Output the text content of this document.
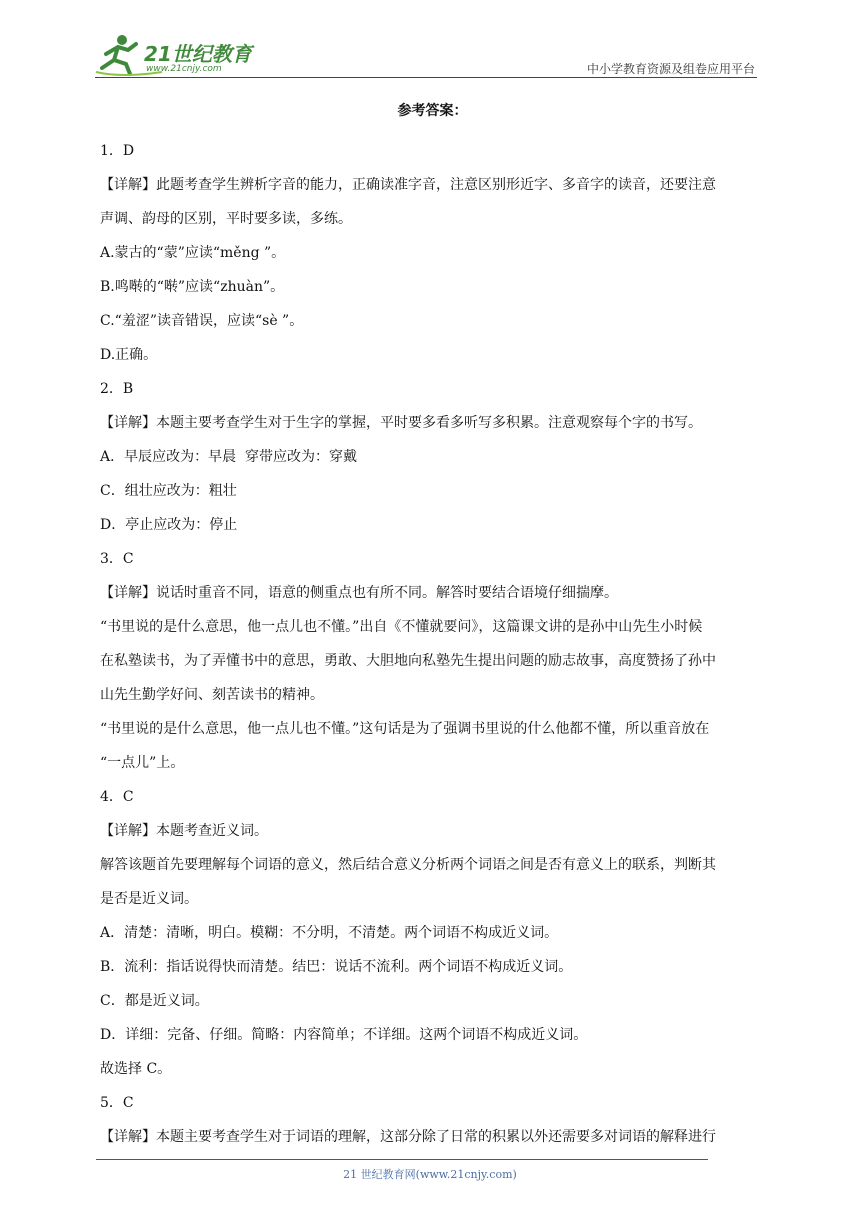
21世纪教育
www.21cnjy.com	中小学教育资源及组卷应用平台
参考答案：

1．D

【详解】此题考查学生辨析字音的能力，正确读准字音，注意区别形近字、多音字的读音，还要注意

声调、韵母的区别，平时要多读，多练。

A.蒙古的“蒙”应读“měng ”。

B.鸣啭的“啭”应读“zhuàn”。

C.“羞涩”读音错误，应读“sè ”。

D.正确。

2．B

【详解】本题主要考查学生对于生字的掌握，平时要多看多听写多积累。注意观察每个字的书写。

A．早辰应改为：早晨  穿带应改为：穿戴

C．组壮应改为：粗壮

D．亭止应改为：停止

3．C

【详解】说话时重音不同，语意的侧重点也有所不同。解答时要结合语境仔细揣摩。

“书里说的是什么意思，他一点儿也不懂。”出自《不懂就要问》，这篇课文讲的是孙中山先生小时候

在私塾读书，为了弄懂书中的意思，勇敢、大胆地向私塾先生提出问题的励志故事，高度赞扬了孙中

山先生勤学好问、刻苦读书的精神。

“书里说的是什么意思，他一点儿也不懂。”这句话是为了强调书里说的什么他都不懂，所以重音放在

“一点儿”上。

4．C

【详解】本题考查近义词。

解答该题首先要理解每个词语的意义，然后结合意义分析两个词语之间是否有意义上的联系，判断其

是否是近义词。

A．清楚：清晰，明白。模糊：不分明，不清楚。两个词语不构成近义词。

B．流利：指话说得快而清楚。结巴：说话不流利。两个词语不构成近义词。

C．都是近义词。

D．详细：完备、仔细。简略：内容简单；不详细。这两个词语不构成近义词。

故选择 C。

5．C

【详解】本题主要考查学生对于词语的理解，这部分除了日常的积累以外还需要多对词语的解释进行

21 世纪教育网(www.21cnjy.com)
